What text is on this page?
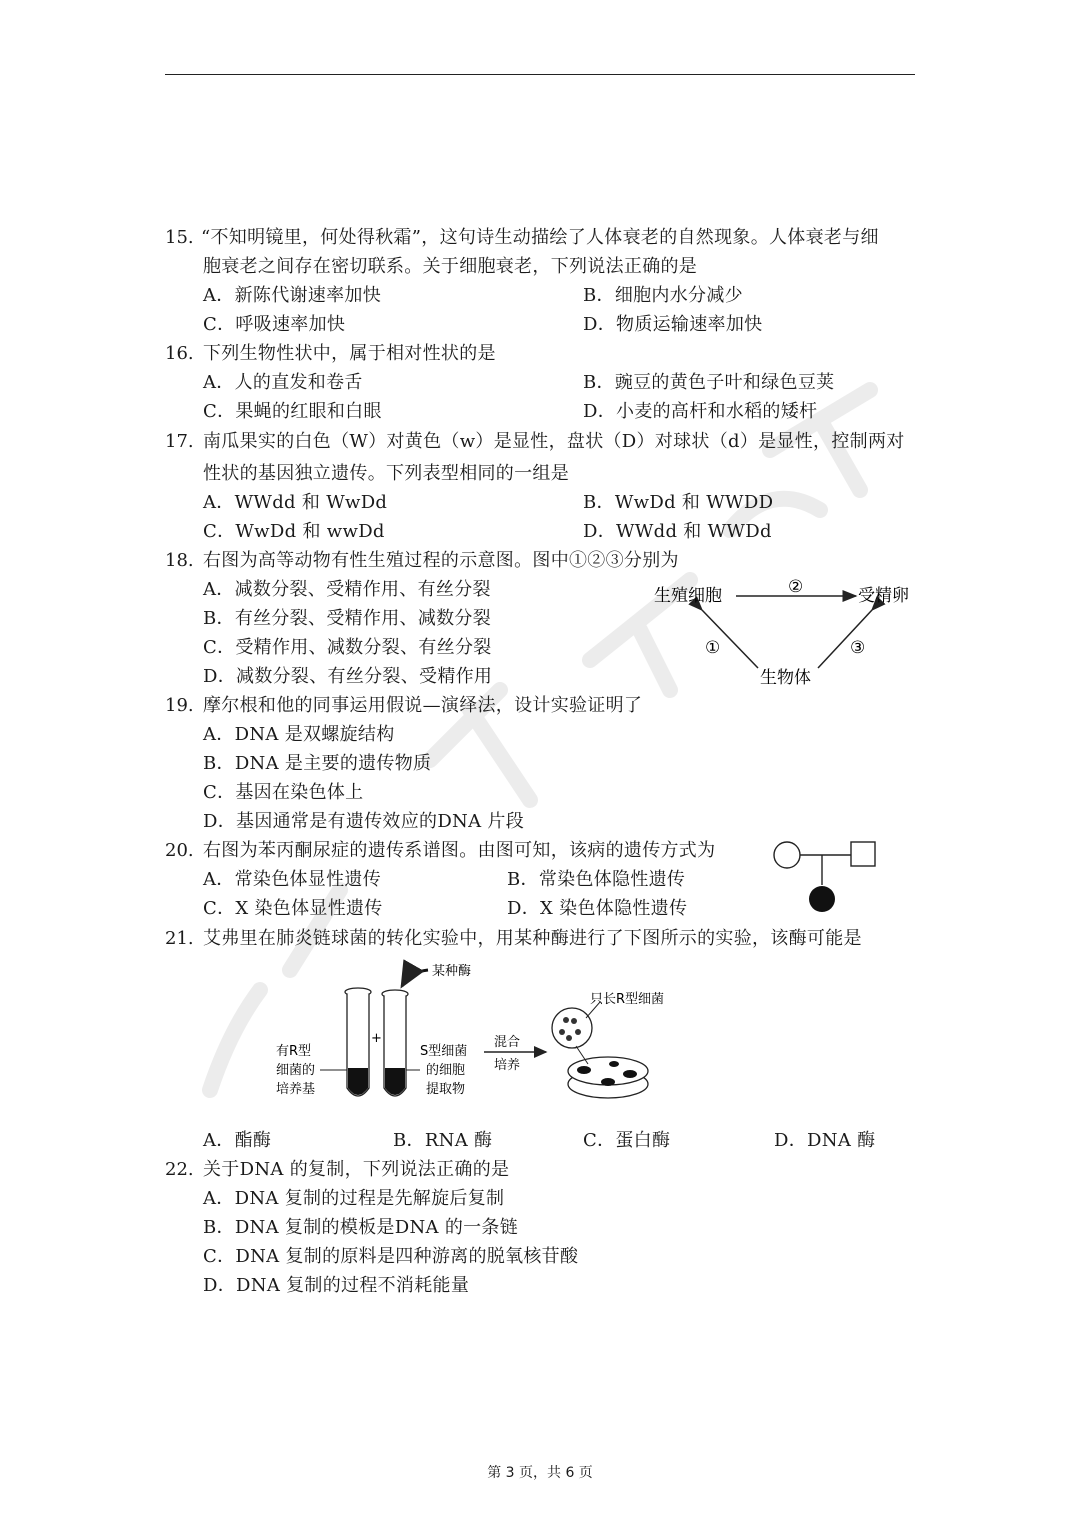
15. “不知明镜里，何处得秋霜”，这句诗生动描绘了人体衰老的自然现象。人体衰老与细
胞衰老之间存在密切联系。关于细胞衰老，下列说法正确的是
A．新陈代谢速率加快	B．细胞内水分减少
C．呼吸速率加快	D．物质运输速率加快
16. 下列生物性状中，属于相对性状的是
A．人的直发和卷舌	B．豌豆的黄色子叶和绿色豆荚
C．果蝇的红眼和白眼	D．小麦的高杆和水稻的矮杆
17. 南瓜果实的白色（W）对黄色（w）是显性，盘状（D）对球状（d）是显性，控制两对
性状的基因独立遗传。下列表型相同的一组是
A．WWdd 和 WwDd	B．WwDd 和 WWDD
C．WwDd 和 wwDd	D．WWdd 和 WWDd
18. 右图为高等动物有性生殖过程的示意图。图中①②③分别为
A．减数分裂、受精作用、有丝分裂
B．有丝分裂、受精作用、减数分裂
C．受精作用、减数分裂、有丝分裂
D．减数分裂、有丝分裂、受精作用
生殖细胞	受精卵
生物体
②
①	③
19. 摩尔根和他的同事运用假说—演绎法，设计实验证明了
A．DNA 是双螺旋结构
B．DNA 是主要的遗传物质
C．基因在染色体上
D．基因通常是有遗传效应的DNA 片段
20. 右图为苯丙酮尿症的遗传系谱图。由图可知，该病的遗传方式为
A．常染色体显性遗传	B．常染色体隐性遗传
C．X 染色体显性遗传	D．X 染色体隐性遗传
21. 艾弗里在肺炎链球菌的转化实验中，用某种酶进行了下图所示的实验，该酶可能是
+
某种酶
有R型
细菌的
培养基
S型细菌
的细胞
提取物
混合
培养
只长R型细菌
A．酯酶	B．RNA 酶	C．蛋白酶	D．DNA 酶
22. 关于DNA 的复制，下列说法正确的是
A．DNA 复制的过程是先解旋后复制
B．DNA 复制的模板是DNA 的一条链
C．DNA 复制的原料是四种游离的脱氧核苷酸
D．DNA 复制的过程不消耗能量
第 3 页，共 6 页
